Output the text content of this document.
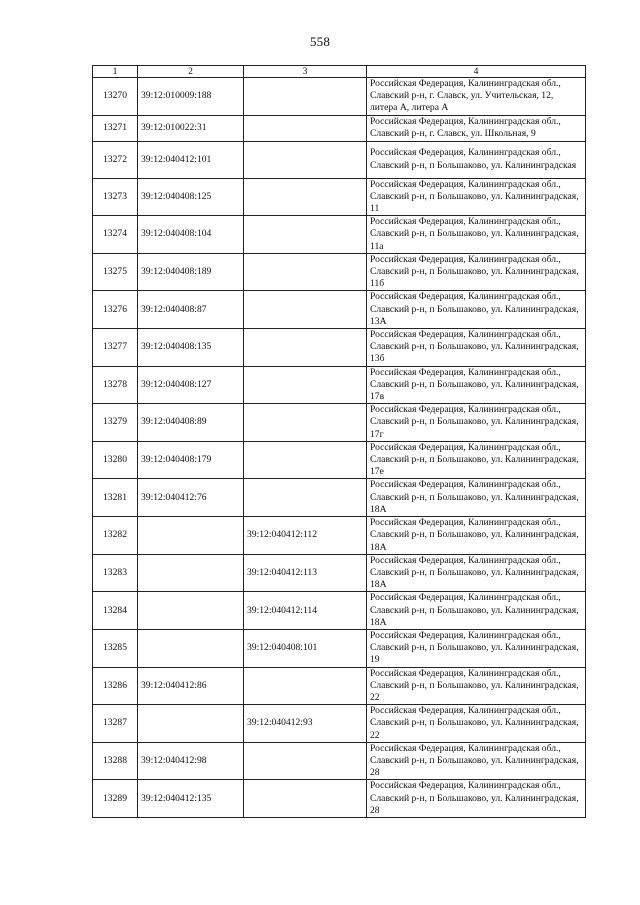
558
1	2	3	4
13270	39:12:010009:188		Российская Федерация, Калининградская обл., Славский р-н, г. Славск, ул. Учительская, 12, литера А, литера А
13271	39:12:010022:31		Российская Федерация, Калининградская обл., Славский р-н, г. Славск, ул. Школьная, 9
13272	39:12:040412:101		Российская Федерация, Калининградская обл., Славский р-н, п Большаково, ул. Калининградская
13273	39:12:040408:125		Российская Федерация, Калининградская обл., Славский р-н, п Большаково, ул. Калининградская, 11
13274	39:12:040408:104		Российская Федерация, Калининградская обл., Славский р-н, п Большаково, ул. Калининградская, 11а
13275	39:12:040408:189		Российская Федерация, Калининградская обл., Славский р-н, п Большаково, ул. Калининградская, 11б
13276	39:12:040408:87		Российская Федерация, Калининградская обл., Славский р-н, п Большаково, ул. Калининградская, 13А
13277	39:12:040408:135		Российская Федерация, Калининградская обл., Славский р-н, п Большаково, ул. Калининградская, 13б
13278	39:12:040408:127		Российская Федерация, Калининградская обл., Славский р-н, п Большаково, ул. Калининградская, 17в
13279	39:12:040408:89		Российская Федерация, Калининградская обл., Славский р-н, п Большаково, ул. Калининградская, 17г
13280	39:12:040408:179		Российская Федерация, Калининградская обл., Славский р-н, п Большаково, ул. Калининградская, 17е
13281	39:12:040412:76		Российская Федерация, Калининградская обл., Славский р-н, п Большаково, ул. Калининградская, 18А
13282		39:12:040412:112	Российская Федерация, Калининградская обл., Славский р-н, п Большаково, ул. Калининградская, 18А
13283		39:12:040412:113	Российская Федерация, Калининградская обл., Славский р-н, п Большаково, ул. Калининградская, 18А
13284		39:12:040412:114	Российская Федерация, Калининградская обл., Славский р-н, п Большаково, ул. Калининградская, 18А
13285		39:12:040408:101	Российская Федерация, Калининградская обл., Славский р-н, п Большаково, ул. Калининградская, 19
13286	39:12:040412:86		Российская Федерация, Калининградская обл., Славский р-н, п Большаково, ул. Калининградская, 22
13287		39:12:040412:93	Российская Федерация, Калининградская обл., Славский р-н, п Большаково, ул. Калининградская, 22
13288	39:12:040412:98		Российская Федерация, Калининградская обл., Славский р-н, п Большаково, ул. Калининградская, 28
13289	39:12:040412:135		Российская Федерация, Калининградская обл., Славский р-н, п Большаково, ул. Калининградская, 28
